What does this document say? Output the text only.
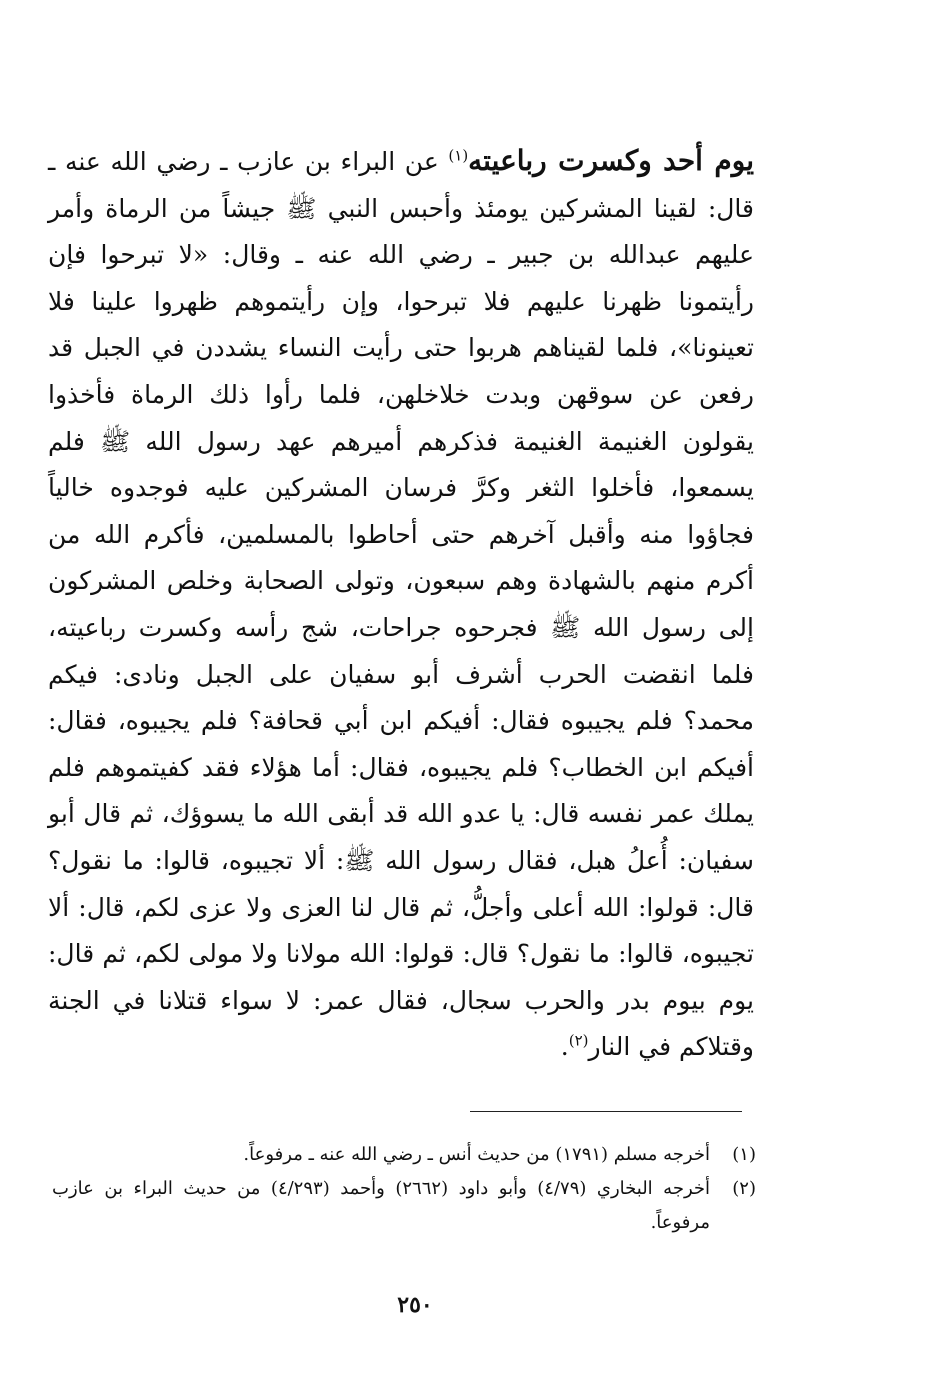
يوم أحد وكسرت رباعيته$^{(١)}$ عن البراء بن عازب ـ رضي الله عنه ـ قال: لقينا المشركين يومئذ وأحبس النبي ﷺ جيشاً من الرماة وأمر عليهم عبدالله بن جبير ـ رضي الله عنه ـ وقال: «لا تبرحوا فإن رأيتمونا ظهرنا عليهم فلا تبرحوا، وإن رأيتموهم ظهروا علينا فلا تعينونا»، فلما لقيناهم هربوا حتى رأيت النساء يشددن في الجبل قد رفعن عن سوقهن وبدت خلاخلهن، فلما رأوا ذلك الرماة فأخذوا يقولون الغنيمة الغنيمة فذكرهم أميرهم عهد رسول الله ﷺ فلم يسمعوا، فأخلوا الثغر وكرَّ فرسان المشركين عليه فوجدوه خالياً فجاؤوا منه وأقبل آخرهم حتى أحاطوا بالمسلمين، فأكرم الله من أكرم منهم بالشهادة وهم سبعون، وتولى الصحابة وخلص المشركون إلى رسول الله ﷺ فجرحوه جراحات، شج رأسه وكسرت رباعيته، فلما انقضت الحرب أشرف أبو سفيان على الجبل ونادى: فيكم محمد؟ فلم يجيبوه فقال: أفيكم ابن أبي قحافة؟ فلم يجيبوه، فقال: أفيكم ابن الخطاب؟ فلم يجيبوه، فقال: أما هؤلاء فقد كفيتموهم فلم يملك عمر نفسه قال: يا عدو الله قد أبقى الله ما يسوؤك، ثم قال أبو سفيان: أُعلُ هبل، فقال رسول الله ﷺ: ألا تجيبوه، قالوا: ما نقول؟ قال: قولوا: الله أعلى وأجلُّ، ثم قال لنا العزى ولا عزى لكم، قال: ألا تجيبوه، قالوا: ما نقول؟ قال: قولوا: الله مولانا ولا مولى لكم، ثم قال: يوم بيوم بدر والحرب سجال، فقال عمر: لا سواء قتلانا في الجنة وقتلاكم في النار$^{(٢)}$.

(١)
أخرجه مسلم (١٧٩١) من حديث أنس ـ رضي الله عنه ـ مرفوعاً.
(٢)
أخرجه البخاري (٤/٧٩) وأبو داود (٢٦٦٢) وأحمد (٤/٢٩٣) من حديث البراء بن عازب مرفوعاً.
٢٥٠
